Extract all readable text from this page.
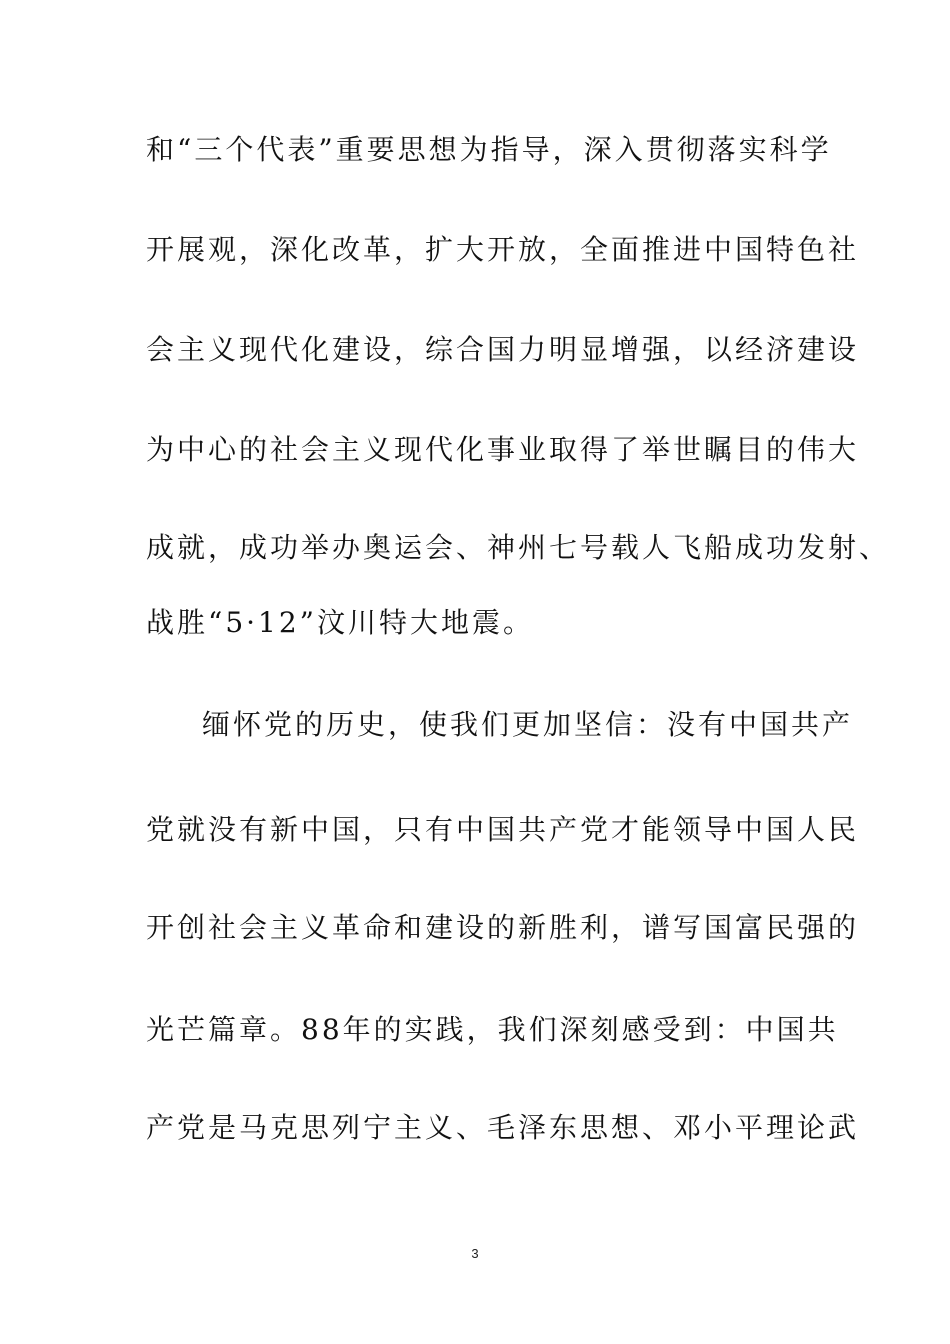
和“三个代表”重要思想为指导，深入贯彻落实科学
开展观，深化改革，扩大开放，全面推进中国特色社
会主义现代化建设，综合国力明显增强，以经济建设
为中心的社会主义现代化事业取得了举世瞩目的伟大
成就，成功举办奥运会、神州七号载人飞船成功发射、
战胜“5·12”汶川特大地震。
缅怀党的历史，使我们更加坚信：没有中国共产
党就没有新中国，只有中国共产党才能领导中国人民
开创社会主义革命和建设的新胜利，谱写国富民强的
光芒篇章。88年的实践，我们深刻感受到：中国共
产党是马克思列宁主义、毛泽东思想、邓小平理论武
3
